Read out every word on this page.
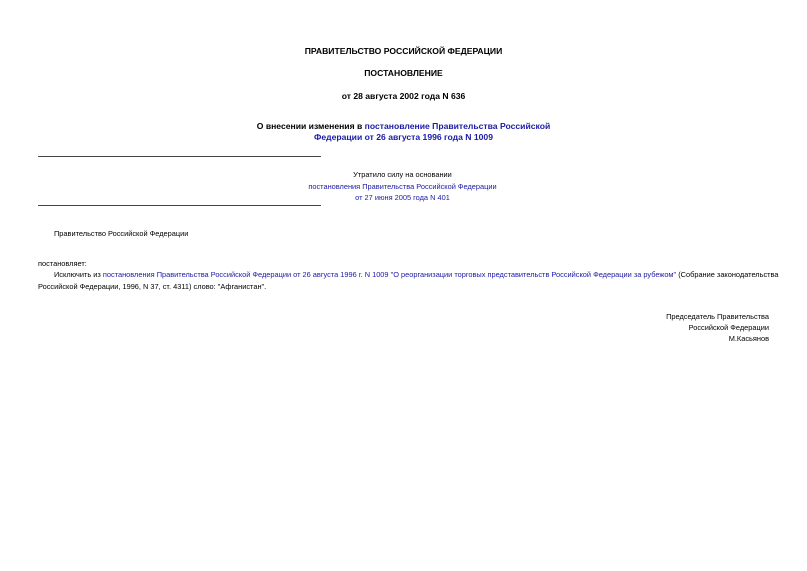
ПРАВИТЕЛЬСТВО РОССИЙСКОЙ ФЕДЕРАЦИИ
ПОСТАНОВЛЕНИЕ
от 28 августа 2002 года N 636
О внесении изменения в постановление Правительства Российской
Федерации от 26 августа 1996 года N 1009
Утратило силу на основании
постановления Правительства Российской Федерации
от 27 июня 2005 года N 401
Правительство Российской Федерации
постановляет:
Исключить из постановления Правительства Российской Федерации от 26 августа 1996 г. N 1009 "О реорганизации торговых представительств Российской Федерации за рубежом" (Собрание законодательства
Российской Федерации, 1996, N 37, ст. 4311) слово: "Афганистан".
Председатель Правительства
Российской Федерации
М.Касьянов
